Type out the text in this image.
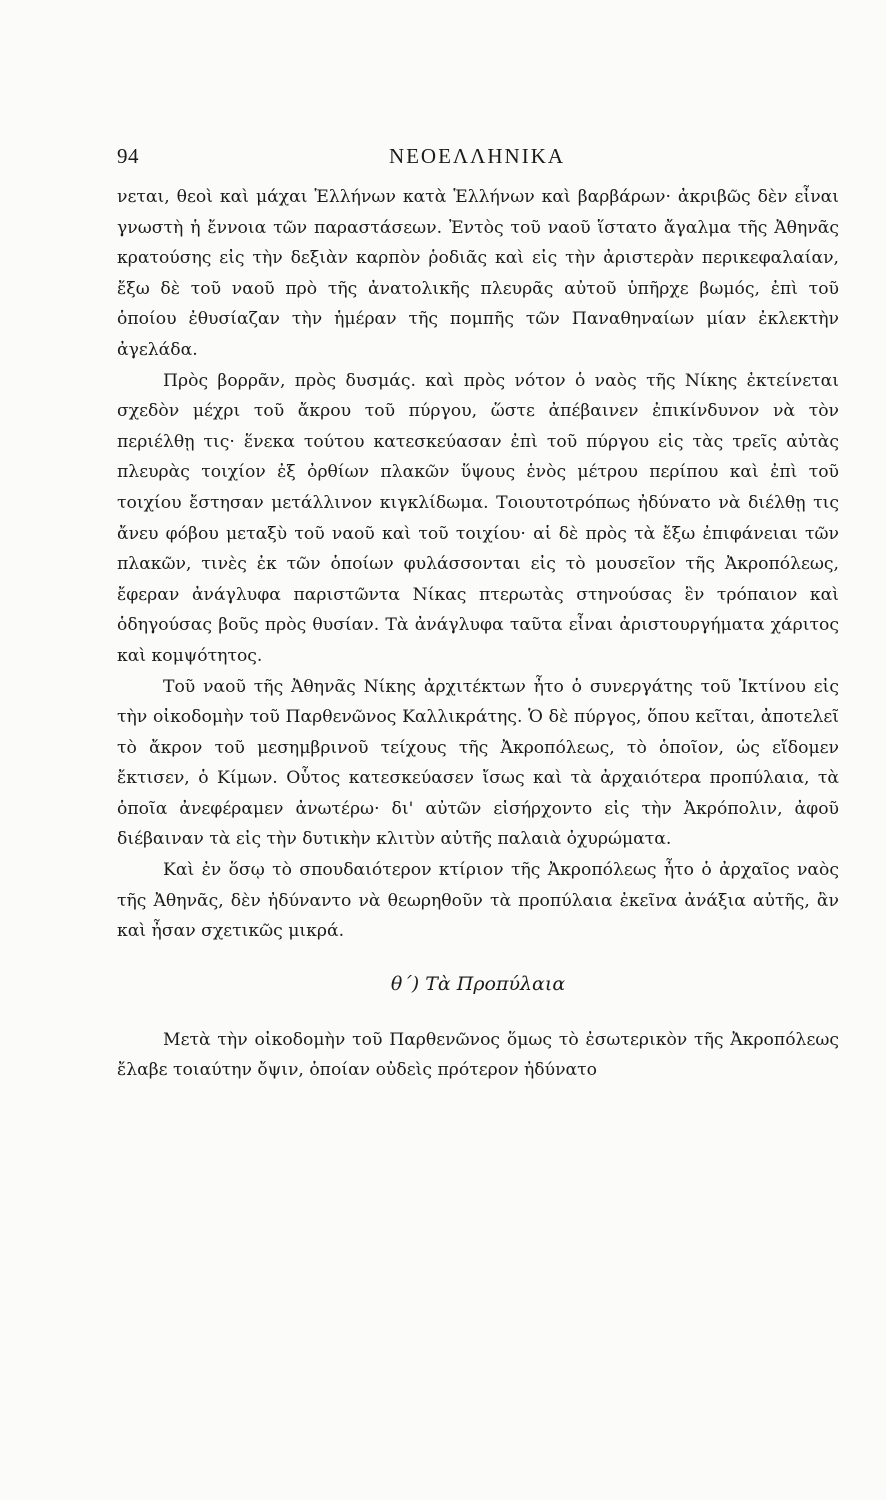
94	ΝΕΟΕΛΛΗΝΙΚΑ

νεται, θεοὶ καὶ μάχαι Ἑλλήνων κατὰ Ἑλλήνων καὶ βαρβάρων· ἀκριβῶς δὲν εἶναι γνωστὴ ἡ ἔννοια τῶν παραστάσεων. Ἐντὸς τοῦ ναοῦ ἵστατο ἄγαλμα τῆς Ἀθηνᾶς κρατούσης εἰς τὴν δεξιὰν καρπὸν ῥοδιᾶς καὶ εἰς τὴν ἀριστερὰν περικεφαλαίαν, ἔξω δὲ τοῦ ναοῦ πρὸ τῆς ἀνατολικῆς πλευρᾶς αὐτοῦ ὑπῆρχε βωμός, ἐπὶ τοῦ ὁποίου ἐθυσίαζαν τὴν ἡμέραν τῆς πομπῆς τῶν Παναθηναίων μίαν ἐκλεκτὴν ἀγελάδα.

Πρὸς βορρᾶν, πρὸς δυσμάς. καὶ πρὸς νότον ὁ ναὸς τῆς Νίκης ἐκτείνεται σχεδὸν μέχρι τοῦ ἄκρου τοῦ πύργου, ὥστε ἀπέβαινεν ἐπικίνδυνον νὰ τὸν περιέλθῃ τις· ἕνεκα τούτου κατεσκεύασαν ἐπὶ τοῦ πύργου εἰς τὰς τρεῖς αὐτὰς πλευρὰς τοιχίον ἐξ ὀρθίων πλακῶν ὕψους ἑνὸς μέτρου περίπου καὶ ἐπὶ τοῦ τοιχίου ἔστησαν μετάλλινον κιγκλίδωμα. Τοιουτοτρόπως ἠδύνατο νὰ διέλθῃ τις ἄνευ φόβου μεταξὺ τοῦ ναοῦ καὶ τοῦ τοιχίου· αἱ δὲ πρὸς τὰ ἔξω ἐπιφάνειαι τῶν πλακῶν, τινὲς ἐκ τῶν ὁποίων φυλάσσονται εἰς τὸ μουσεῖον τῆς Ἀκροπόλεως, ἔφεραν ἀνάγλυφα παριστῶντα Νίκας πτερωτὰς στηνούσας ἓν τρόπαιον καὶ ὁδηγούσας βοῦς πρὸς θυσίαν. Τὰ ἀνάγλυφα ταῦτα εἶναι ἀριστουργήματα χάριτος καὶ κομψότητος.

Τοῦ ναοῦ τῆς Ἀθηνᾶς Νίκης ἀρχιτέκτων ἦτο ὁ συνεργάτης τοῦ Ἰκτίνου εἰς τὴν οἰκοδομὴν τοῦ Παρθενῶνος Καλλικράτης. Ὁ δὲ πύργος, ὅπου κεῖται, ἀποτελεῖ τὸ ἄκρον τοῦ μεσημβρινοῦ τείχους τῆς Ἀκροπόλεως, τὸ ὁποῖον, ὡς εἴδομεν ἔκτισεν, ὁ Κίμων. Οὗτος κατεσκεύασεν ἴσως καὶ τὰ ἀρχαιότερα προπύλαια, τὰ ὁποῖα ἀνεφέραμεν ἀνωτέρω· δι' αὐτῶν εἰσήρχοντο εἰς τὴν Ἀκρόπολιν, ἀφοῦ διέβαιναν τὰ εἰς τὴν δυτικὴν κλιτὺν αὐτῆς παλαιὰ ὀχυρώματα.

Καὶ ἐν ὅσῳ τὸ σπουδαιότερον κτίριον τῆς Ἀκροπόλεως ἦτο ὁ ἀρχαῖος ναὸς τῆς Ἀθηνᾶς, δὲν ἠδύναντο νὰ θεωρηθοῦν τὰ προπύλαια ἐκεῖνα ἀνάξια αὐτῆς, ἂν καὶ ἦσαν σχετικῶς μικρά.

θ΄) Τὰ Προπύλαια

Μετὰ τὴν οἰκοδομὴν τοῦ Παρθενῶνος ὅμως τὸ ἐσωτερικὸν τῆς Ἀκροπόλεως ἔλαβε τοιαύτην ὄψιν, ὁποίαν οὐδεὶς πρότερον ἠδύνατο
